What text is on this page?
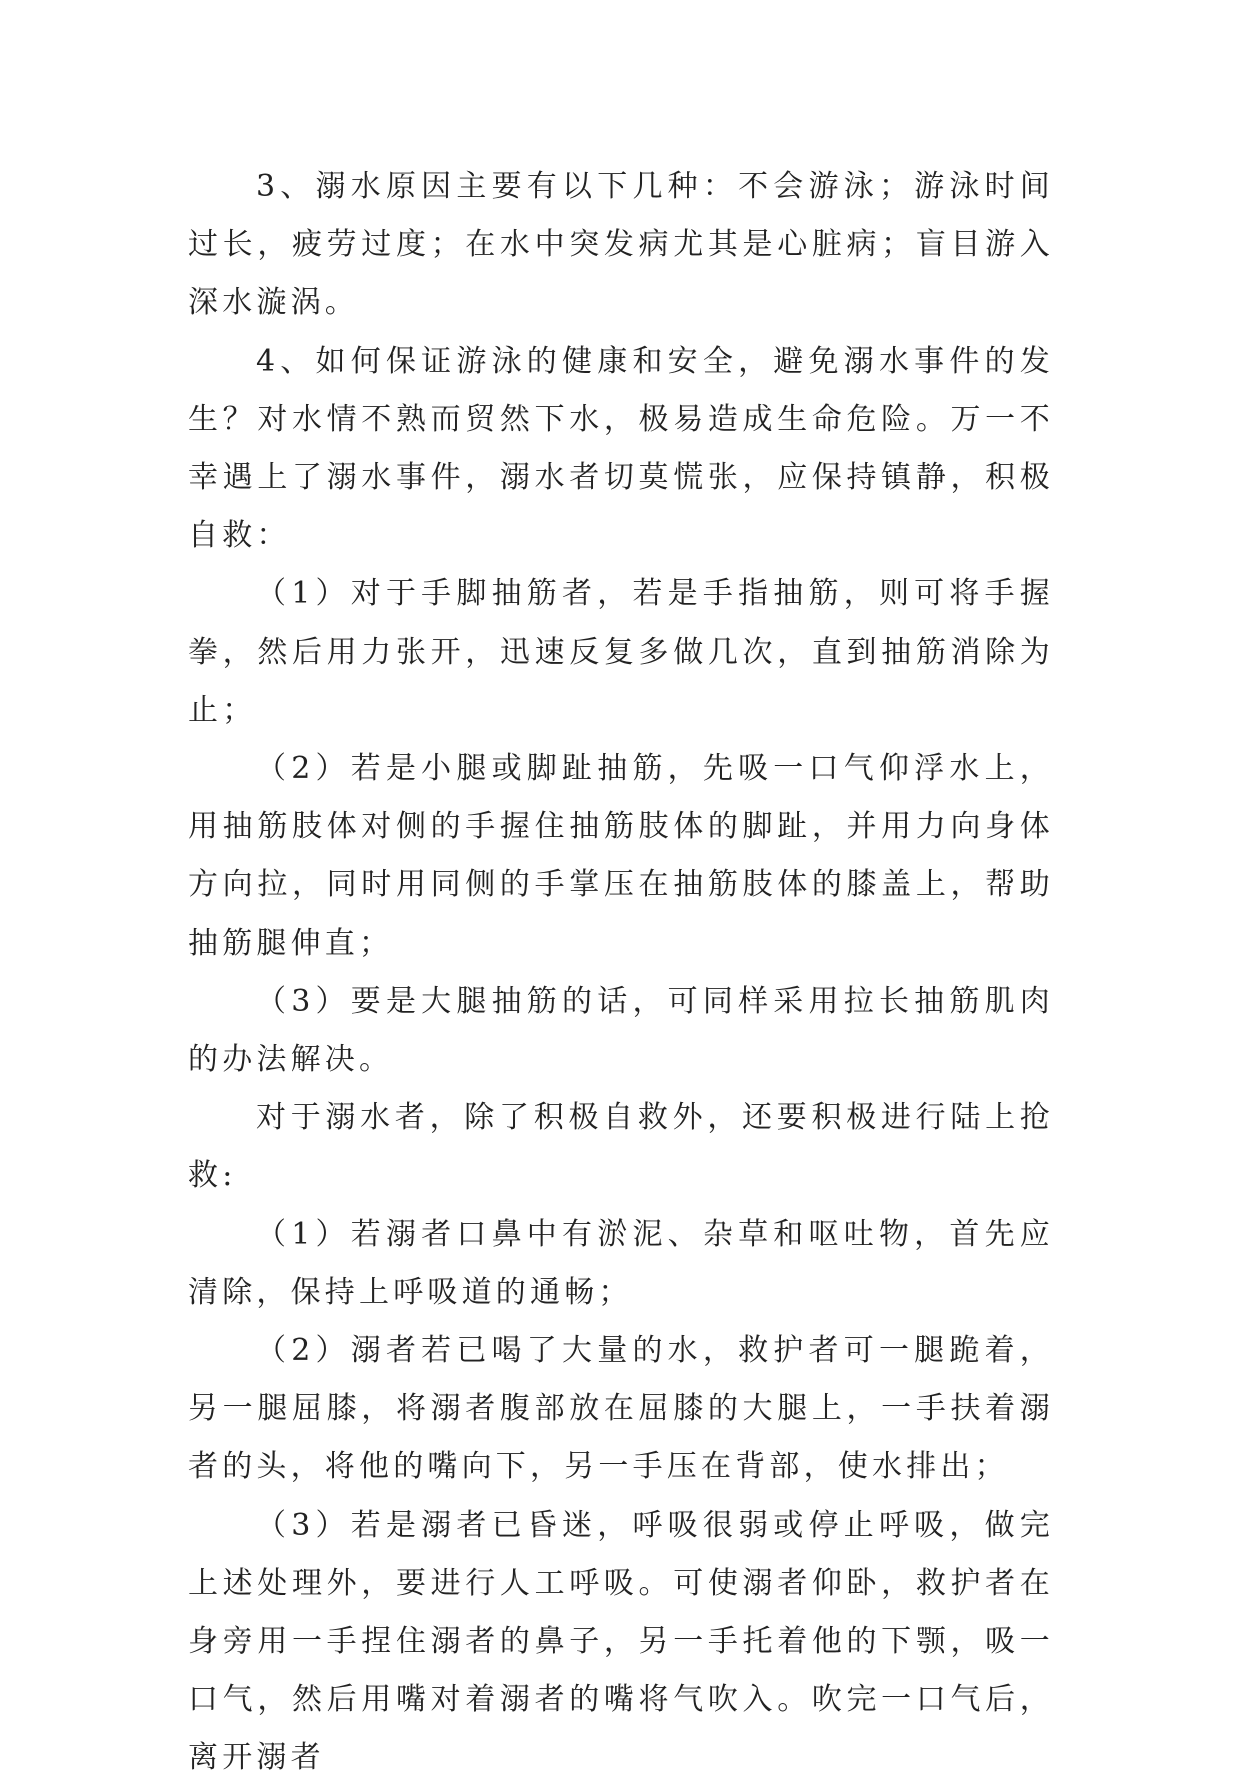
3、溺水原因主要有以下几种：不会游泳；游泳时间过长，疲劳过度；在水中突发病尤其是心脏病；盲目游入深水漩涡。

4、如何保证游泳的健康和安全，避免溺水事件的发生？对水情不熟而贸然下水，极易造成生命危险。万一不幸遇上了溺水事件，溺水者切莫慌张，应保持镇静，积极自救：

（1）对于手脚抽筋者，若是手指抽筋，则可将手握拳，然后用力张开，迅速反复多做几次，直到抽筋消除为止；

（2）若是小腿或脚趾抽筋，先吸一口气仰浮水上，用抽筋肢体对侧的手握住抽筋肢体的脚趾，并用力向身体方向拉，同时用同侧的手掌压在抽筋肢体的膝盖上，帮助抽筋腿伸直；

（3）要是大腿抽筋的话，可同样采用拉长抽筋肌肉的办法解决。

对于溺水者，除了积极自救外，还要积极进行陆上抢救:

（1）若溺者口鼻中有淤泥、杂草和呕吐物，首先应清除，保持上呼吸道的通畅；

（2）溺者若已喝了大量的水，救护者可一腿跪着，另一腿屈膝，将溺者腹部放在屈膝的大腿上，一手扶着溺者的头，将他的嘴向下，另一手压在背部，使水排出；

（3）若是溺者已昏迷，呼吸很弱或停止呼吸，做完上述处理外，要进行人工呼吸。可使溺者仰卧，救护者在身旁用一手捏住溺者的鼻子，另一手托着他的下颚，吸一口气，然后用嘴对着溺者的嘴将气吹入。吹完一口气后，离开溺者
